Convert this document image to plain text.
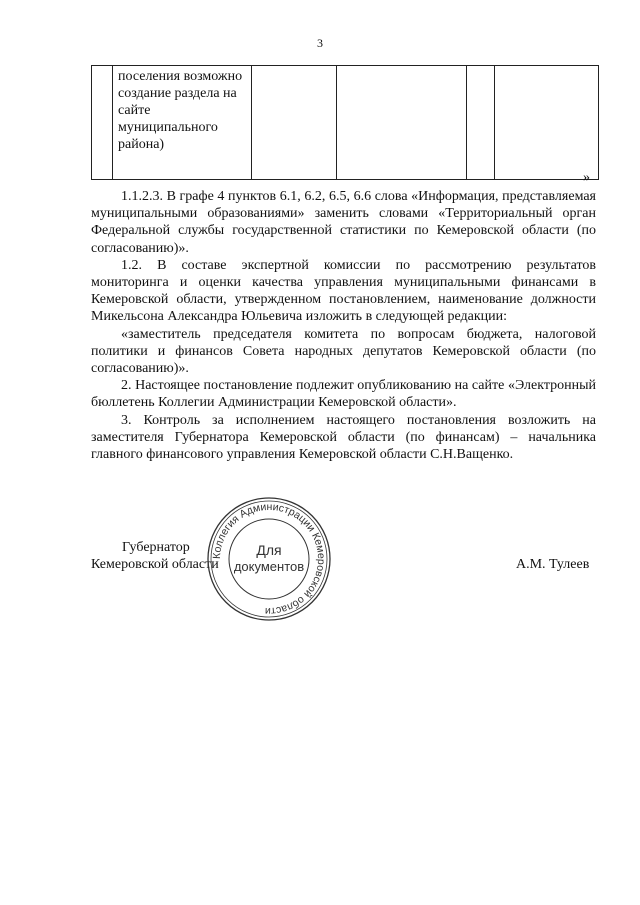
3

поселения возможно создание раздела на сайте муниципального района)

»

1.1.2.3. В графе 4 пунктов 6.1, 6.2, 6.5, 6.6 слова «Информация, представляемая муниципальными образованиями» заменить словами «Территориальный орган Федеральной службы государственной статистики по Кемеровской области (по согласованию)».

1.2. В составе экспертной комиссии по рассмотрению результатов мониторинга и оценки качества управления муниципальными финансами в Кемеровской области, утвержденном постановлением, наименование должности Микельсона Александра Юльевича изложить в следующей редакции:

«заместитель председателя комитета по вопросам бюджета, налоговой политики и финансов Совета народных депутатов Кемеровской области (по согласованию)».

2. Настоящее постановление подлежит опубликованию на сайте «Электронный бюллетень Коллегии Администрации Кемеровской области».

3. Контроль за исполнением настоящего постановления возложить на заместителя Губернатора Кемеровской области (по финансам) – начальника главного финансового управления Кемеровской области С.Н.Ващенко.

Губернатор
Кемеровской области	А.М. Тулеев
Коллегия Администрации Кемеровской области
Для
документов
